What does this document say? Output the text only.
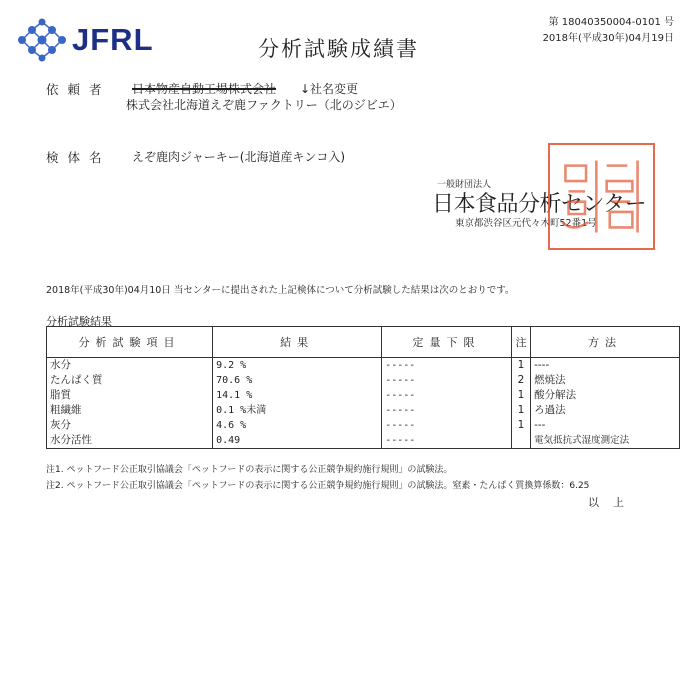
JFRL	分析試験成績書
第 18040350004-0101 号
2018年(平成30年)04月19日
依頼者 日本物産自動工場株式会社 ↓社名変更
株式会社北海道えぞ鹿ファクトリー（北のジビエ）
検体名 えぞ鹿肉ジャーキー(北海道産キンコ入)
一般財団法人
日本食品分析センター
東京都渋谷区元代々木町52番1号
2018年(平成30年)04月10日 当センターに提出された上記検体について分析試験した結果は次のとおりです。
分析試験結果
分析試験項目	結果	定量下限	注	方法
水分	9.2 %	-----	1	----
たんぱく質	70.6 %	-----	2	燃焼法
脂質	14.1 %	-----	1	酸分解法
粗繊維	0.1 %未満	-----	1	ろ過法
灰分	4.6 %	-----	1	---
水分活性	0.49	-----		電気抵抗式湿度測定法
注1. ペットフード公正取引協議会「ペットフードの表示に関する公正競争規約施行規則」の試験法。
注2. ペットフード公正取引協議会「ペットフードの表示に関する公正競争規約施行規則」の試験法。窒素・たんぱく質換算係数：6.25
以上
